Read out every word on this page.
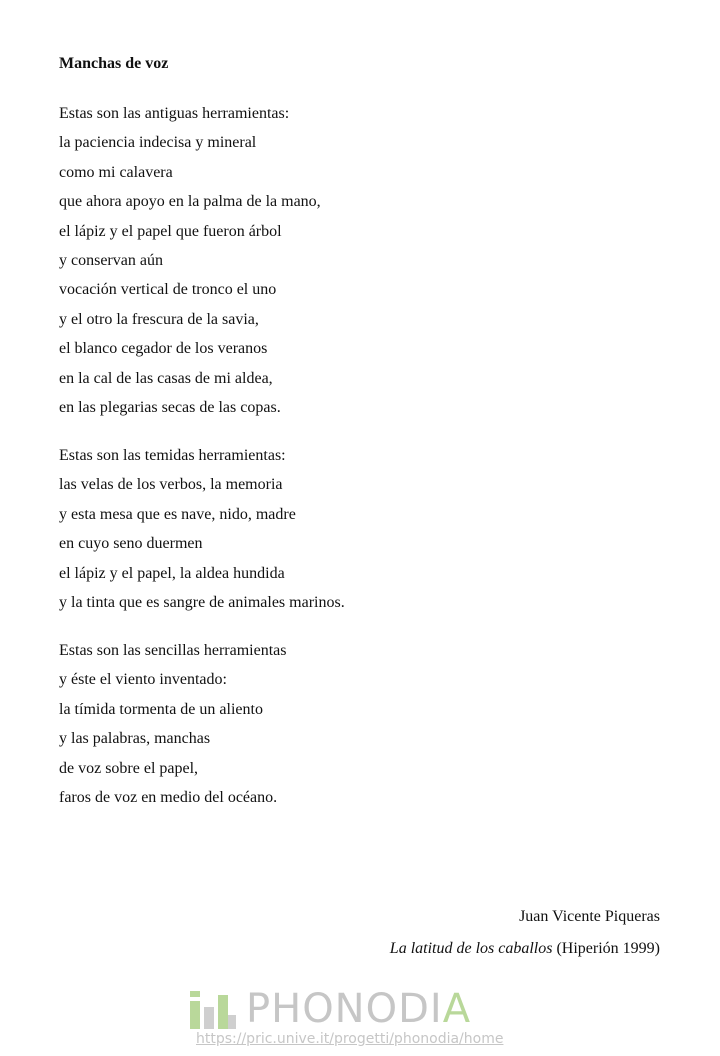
Manchas de voz
Estas son las antiguas herramientas:
la paciencia indecisa y mineral
como mi calavera
que ahora apoyo en la palma de la mano,
el lápiz y el papel que fueron árbol
y conservan aún
vocación vertical de tronco el uno
y el otro la frescura de la savia,
el blanco cegador de los veranos
en la cal de las casas de mi aldea,
en las plegarias secas de las copas.
Estas son las temidas herramientas:
las velas de los verbos, la memoria
y esta mesa que es nave, nido, madre
en cuyo seno duermen
el lápiz y el papel, la aldea hundida
y la tinta que es sangre de animales marinos.
Estas son las sencillas herramientas
y éste el viento inventado:
la tímida tormenta de un aliento
y las palabras, manchas
de voz sobre el papel,
faros de voz en medio del océano.
Juan Vicente Piqueras
La latitud de los caballos (Hiperión 1999)
PHONODIA
https://pric.unive.it/progetti/phonodia/home
